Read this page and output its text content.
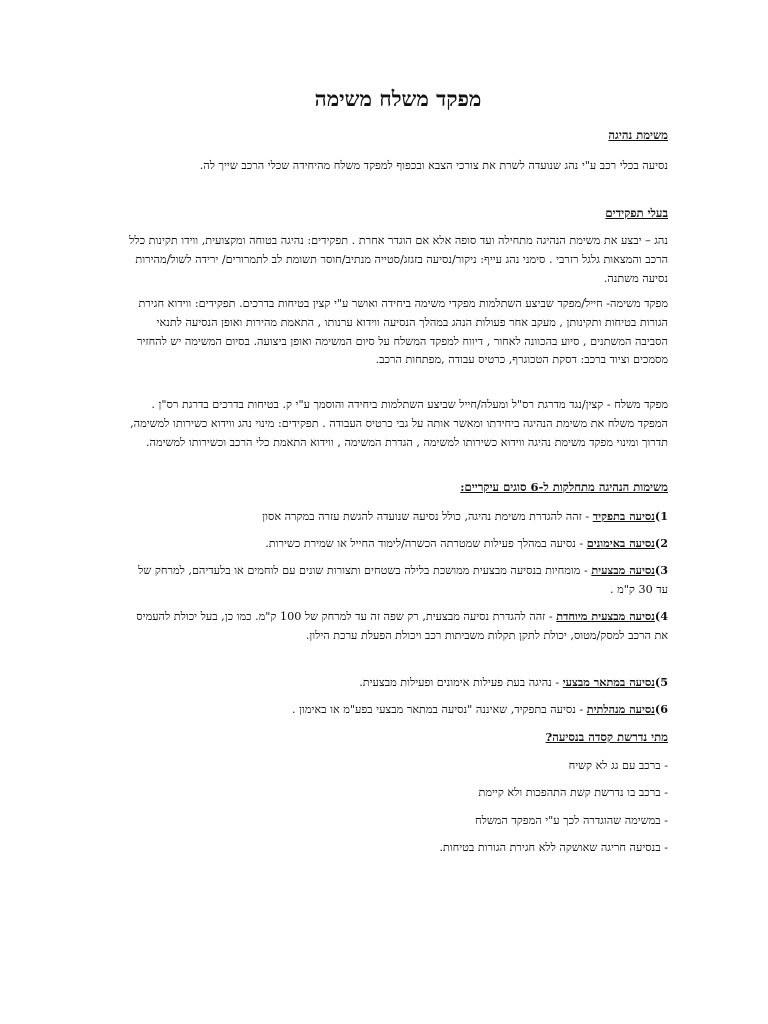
מפקד משלח משימה
משימת נהיגה
נסיעה בכלי רכב ע"י נהג שנועדה לשרת את צורכי הצבא ובכפוף למפקד משלח מהיחידה שכלי הרכב שייך לה.
בעלי תפקידים
נהג – יבצע את משימת הנהיגה מתחילה ועד סופה אלא אם הוגדר אחרת . תפקידים: נהיגה בטוחה ומקצועית, ווידו תקינות כלל הרכב והמצאות גלגל רזרבי . סימני נהג עייף: ניקור/נסיעה בזגזג/סטייה מנתיב/חוסר תשומת לב לתמרורים/ ירידה לשול/מהירות נסיעה משתנה.
מפקד משימה- חייל/מפקד שביצע השתלמות מפקדי משימה ביחידה ואושר ע"י קצין בטיחות בדרכים. תפקידים: ווידוא חגירת הגורות בטיחות ותקינותן , מעקב אחר פעולות הנהג במהלך הנסיעה ווידוא ערנותו , התאמת מהירות ואופן הנסיעה לתנאי הסביבה המשתנים , סיוע בהכוונה לאחור , דיווח למפקד המשלח על סיום המשימה ואופן ביצועה. בסיום המשימה יש להחזיר מסמכים וציוד ברכב: דסקת הטכוגרף, כרטיס עבודה ,מפתחות הרכב.
מפקד משלח - קצין/נגד מדרגת רס"ל ומעלה/חייל שביצע השתלמות ביחידה והוסמך ע"י ק. בטיחות בדרכים בדרגת רס"ן . המפקד משלח את משימת הנהיגה ביחידתו ומאשר אותה על גבי כרטיס העבודה . תפקידים: מינוי נהג ווידוא כשירותו למשימה, תדרוך ומינוי מפקד משימת נהיגה ווידוא כשירותו למשימה , הגדרת המשימה , ווידוא התאמת כלי הרכב וכשירותו למשימה.
משימות הנהיגה מתחלקות ל-6 סוגים עיקריים:
1)נסיעה בתפקיד - זהה להגדרת משימת נהיגה, כולל נסיעה שנועדה להגשת עזרה במקרה אסון
2)נסיעה באימונים - נסיעה במהלך פעילות שמטרתה הכשרה/לימוד החייל או שמירת כשירות.
3)נסיעה מבצעית - מומחיות בנסיעה מבצעית ממושכת בלילה בשטחים ותצורות שונים עם לוחמים או בלעדיהם, למרחק של עד 30 ק"מ .
4)נסיעה מבצעית מיוחדת - זהה להגדרת נסיעה מבצעית, רק שפה זה עד למרחק של 100 ק"מ. כמו כן, בעל יכולת להעמיס את הרכב למסק/מטוס, יכולת לתקן תקלות משביתות רכב ויכולת הפעלת ערכת הילון.
5)נסיעה במתאר מבצעי - נהיגה בעת פעילות אימונים ופעילות מבצעית.
6)נסיעה מנהלתית - נסיעה בתפקיד, שאיננה "נסיעה במתאר מבצעי בפע"מ או באימון .
מתי נדרשת קסדה בנסיעה?
- ברכב עם גג לא קשיח
- ברכב בו נדרשת קשת התהפכות ולא קיימת
- במשימה שהוגדרה לכך ע"י המפקד המשלח
- בנסיעה חריגה שאושקה ללא חגירת הגורות בטיחות.
